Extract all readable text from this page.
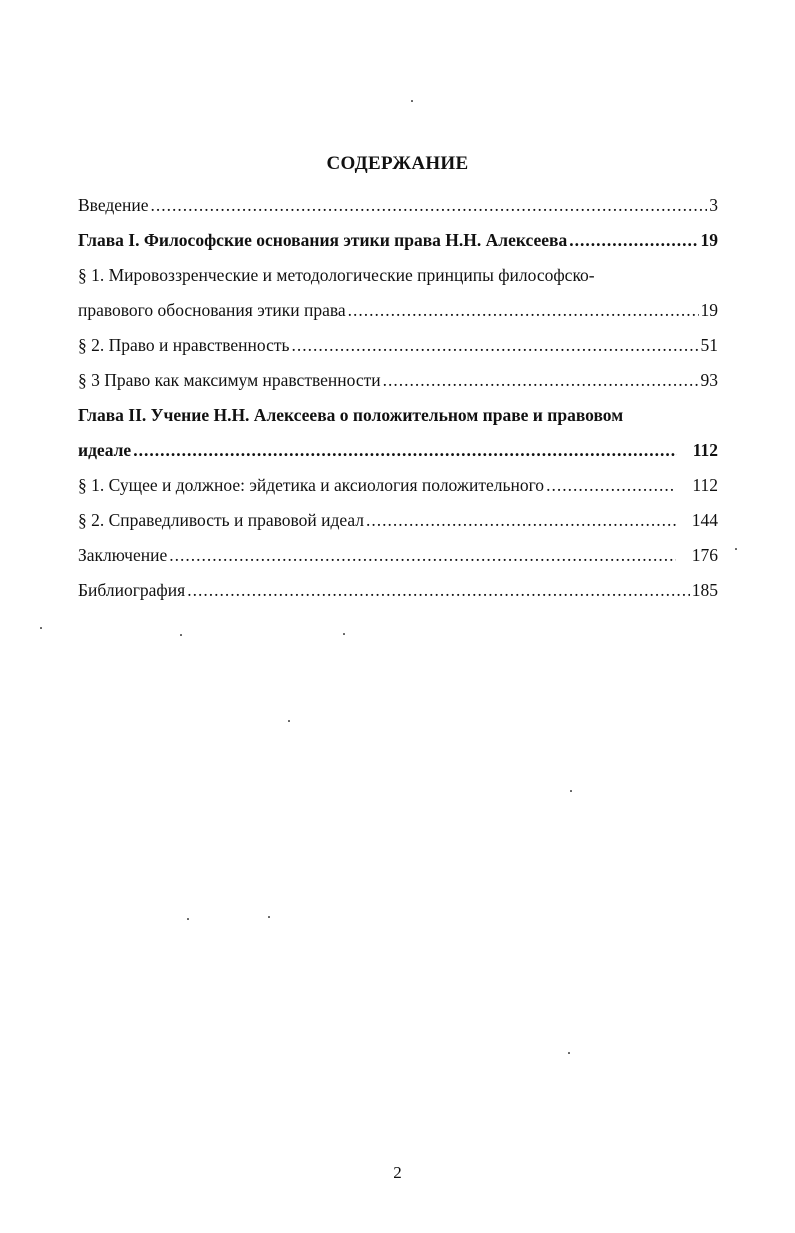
СОДЕРЖАНИЕ
Введение .....	3
Глава I. Философские основания этики права Н.Н. Алексеева .....	19
§ 1. Мировоззренческие и методологические принципы философско-
правового обоснования этики права .....	19
§ 2. Право и нравственность .....	51
§ 3 Право как максимум нравственности .....	93
Глава II. Учение Н.Н. Алексеева о положительном праве и правовом
идеале .....	112
§ 1. Сущее и должное: эйдетика и аксиология положительного .....	112
§ 2. Справедливость и правовой идеал .....	144
Заключение .....	176
Библиография .....	185
2
